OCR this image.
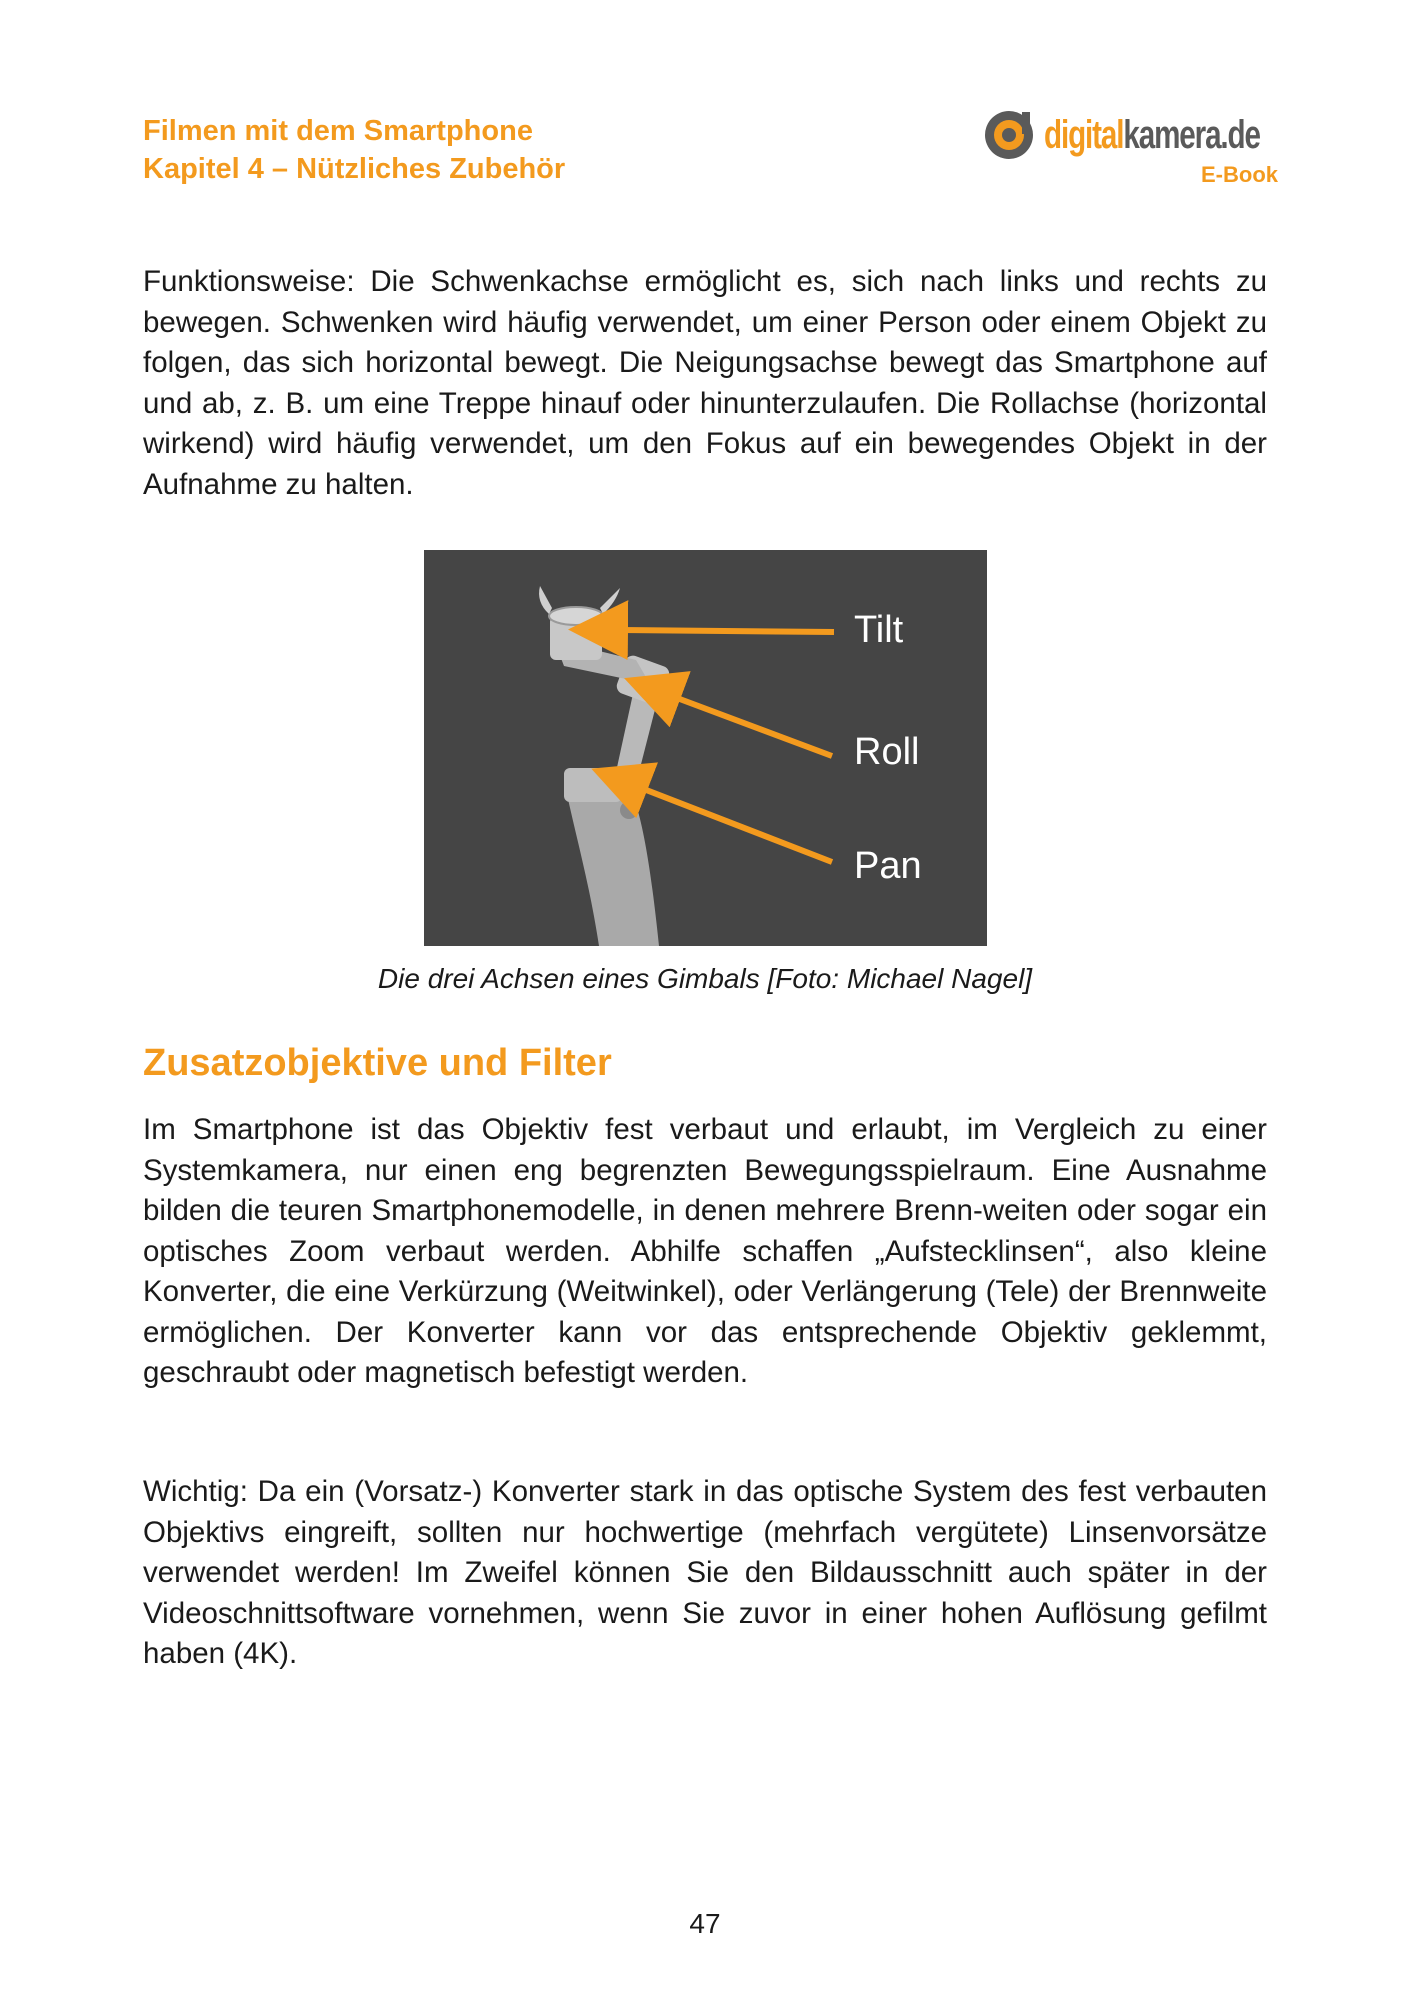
Filmen mit dem Smartphone
Kapitel 4 – Nützliches Zubehör
digitalkamera.de
E-Book

Funktionsweise: Die Schwenkachse ermöglicht es, sich nach links und rechts zu bewegen. Schwenken wird häufig verwendet, um einer Person oder einem Objekt zu folgen, das sich horizontal bewegt. Die Neigungsachse bewegt das Smartphone auf und ab, z. B. um eine Treppe hinauf oder hinunterzulaufen. Die Rollachse (horizontal wirkend) wird häufig verwendet, um den Fokus auf ein bewegendes Objekt in der Aufnahme zu halten.

Tilt
Roll
Pan

Die drei Achsen eines Gimbals [Foto: Michael Nagel]

Zusatzobjektive und Filter

Im Smartphone ist das Objektiv fest verbaut und erlaubt, im Vergleich zu einer Systemkamera, nur einen eng begrenzten Bewegungsspielraum. Eine Ausnahme bilden die teuren Smartphonemodelle, in denen mehrere Brenn-weiten oder sogar ein optisches Zoom verbaut werden. Abhilfe schaffen „Aufstecklinsen“, also kleine Konverter, die eine Verkürzung (Weitwinkel), oder Verlängerung (Tele) der Brennweite ermöglichen. Der Konverter kann vor das entsprechende Objektiv geklemmt, geschraubt oder magnetisch befestigt werden.

Wichtig: Da ein (Vorsatz-) Konverter stark in das optische System des fest verbauten Objektivs eingreift, sollten nur hochwertige (mehrfach vergütete) Linsenvorsätze verwendet werden! Im Zweifel können Sie den Bildausschnitt auch später in der Videoschnittsoftware vornehmen, wenn Sie zuvor in einer hohen Auflösung gefilmt haben (4K).

47
